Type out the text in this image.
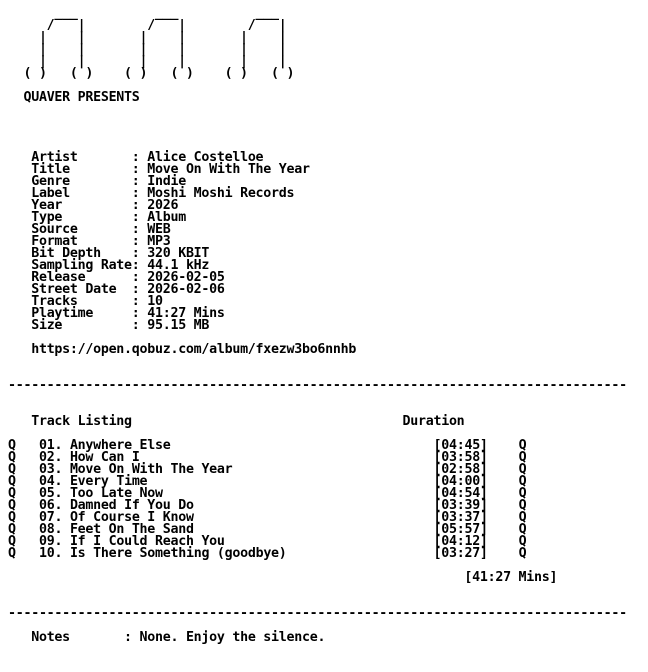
___          ___          ___
/   |        /   |        /   |
|    |       |    |       |    |
|    |       |    |       |    |
|    |       |    |       |    |
( )   ( )    ( )   ( )    ( )   ( )

QUAVER PRESENTS

Artist       : Alice Costelloe
Title        : Move On With The Year
Genre        : Indie
Label        : Moshi Moshi Records
Year         : 2026
Type         : Album
Source       : WEB
Format       : MP3
Bit Depth    : 320 KBIT
Sampling Rate: 44.1 kHz
Release      : 2026-02-05
Street Date  : 2026-02-06
Tracks       : 10
Playtime     : 41:27 Mins
Size         : 95.15 MB

https://open.qobuz.com/album/fxezw3bo6nnhb

--------------------------------------------------------------------------------

Track Listing	Duration

Q 01. Anywhere Else	[04:45] Q
Q 02. How Can I	[03:58] Q
Q 03. Move On With The Year	[02:58] Q
Q 04. Every Time	[04:00] Q
Q 05. Too Late Now	[04:54] Q
Q 06. Damned If You Do	[03:39] Q
Q 07. Of Course I Know	[03:37] Q
Q 08. Feet On The Sand	[05:57] Q
Q 09. If I Could Reach You	[04:12] Q
Q 10. Is There Something (goodbye)	[03:27] Q

[41:27 Mins]

--------------------------------------------------------------------------------

Notes       : None. Enjoy the silence.
